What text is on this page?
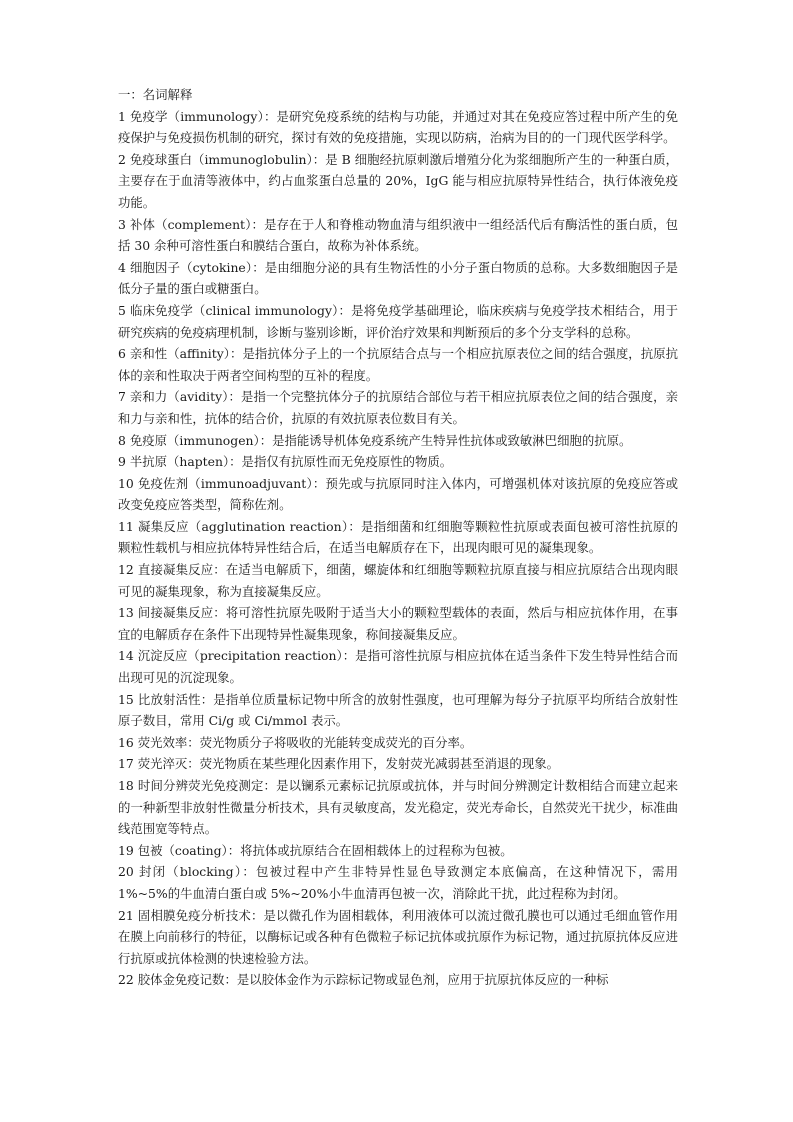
一：名词解释

1 免疫学（immunology）：是研究免疫系统的结构与功能，并通过对其在免疫应答过程中所产生的免疫保护与免疫损伤机制的研究，探讨有效的免疫措施，实现以防病，治病为目的的一门现代医学科学。

2 免疫球蛋白（immunoglobulin）：是 B 细胞经抗原刺激后增殖分化为浆细胞所产生的一种蛋白质，主要存在于血清等液体中，约占血浆蛋白总量的 20%，IgG 能与相应抗原特异性结合，执行体液免疫功能。

3 补体（complement）：是存在于人和脊椎动物血清与组织液中一组经活代后有酶活性的蛋白质，包括 30 余种可溶性蛋白和膜结合蛋白，故称为补体系统。

4 细胞因子（cytokine）：是由细胞分泌的具有生物活性的小分子蛋白物质的总称。大多数细胞因子是低分子量的蛋白或糖蛋白。

5 临床免疫学（clinical immunology）：是将免疫学基础理论，临床疾病与免疫学技术相结合，用于研究疾病的免疫病理机制，诊断与鉴别诊断，评价治疗效果和判断预后的多个分支学科的总称。

6 亲和性（affinity）：是指抗体分子上的一个抗原结合点与一个相应抗原表位之间的结合强度，抗原抗体的亲和性取决于两者空间构型的互补的程度。

7 亲和力（avidity）：是指一个完整抗体分子的抗原结合部位与若干相应抗原表位之间的结合强度，亲和力与亲和性，抗体的结合价，抗原的有效抗原表位数目有关。

8 免疫原（immunogen）：是指能诱导机体免疫系统产生特异性抗体或致敏淋巴细胞的抗原。

9 半抗原（hapten）：是指仅有抗原性而无免疫原性的物质。

10 免疫佐剂（immunoadjuvant）：预先或与抗原同时注入体内，可增强机体对该抗原的免疫应答或改变免疫应答类型，简称佐剂。

11 凝集反应（agglutination reaction）：是指细菌和红细胞等颗粒性抗原或表面包被可溶性抗原的颗粒性载机与相应抗体特异性结合后，在适当电解质存在下，出现肉眼可见的凝集现象。

12 直接凝集反应：在适当电解质下，细菌，螺旋体和红细胞等颗粒抗原直接与相应抗原结合出现肉眼可见的凝集现象，称为直接凝集反应。

13 间接凝集反应：将可溶性抗原先吸附于适当大小的颗粒型载体的表面，然后与相应抗体作用，在事宜的电解质存在条件下出现特异性凝集现象，称间接凝集反应。

14 沉淀反应（precipitation reaction）：是指可溶性抗原与相应抗体在适当条件下发生特异性结合而出现可见的沉淀现象。

15 比放射活性：是指单位质量标记物中所含的放射性强度，也可理解为每分子抗原平均所结合放射性原子数目，常用 Ci/g 或 Ci/mmol 表示。

16 荧光效率：荧光物质分子将吸收的光能转变成荧光的百分率。

17 荧光淬灭：荧光物质在某些理化因素作用下，发射荧光减弱甚至消退的现象。

18 时间分辨荧光免疫测定：是以镧系元素标记抗原或抗体，并与时间分辨测定计数相结合而建立起来的一种新型非放射性微量分析技术，具有灵敏度高，发光稳定，荧光寿命长，自然荧光干扰少，标准曲线范围宽等特点。

19 包被（coating）：将抗体或抗原结合在固相载体上的过程称为包被。

20 封闭（blocking）：包被过程中产生非特异性显色导致测定本底偏高，在这种情况下，需用 1%~5%的牛血清白蛋白或 5%~20%小牛血清再包被一次，消除此干扰，此过程称为封闭。

21 固相膜免疫分析技术：是以微孔作为固相载体，利用液体可以流过微孔膜也可以通过毛细血管作用在膜上向前移行的特征，以酶标记或各种有色微粒子标记抗体或抗原作为标记物，通过抗原抗体反应进行抗原或抗体检测的快速检验方法。

22 胶体金免疫记数：是以胶体金作为示踪标记物或显色剂，应用于抗原抗体反应的一种标
